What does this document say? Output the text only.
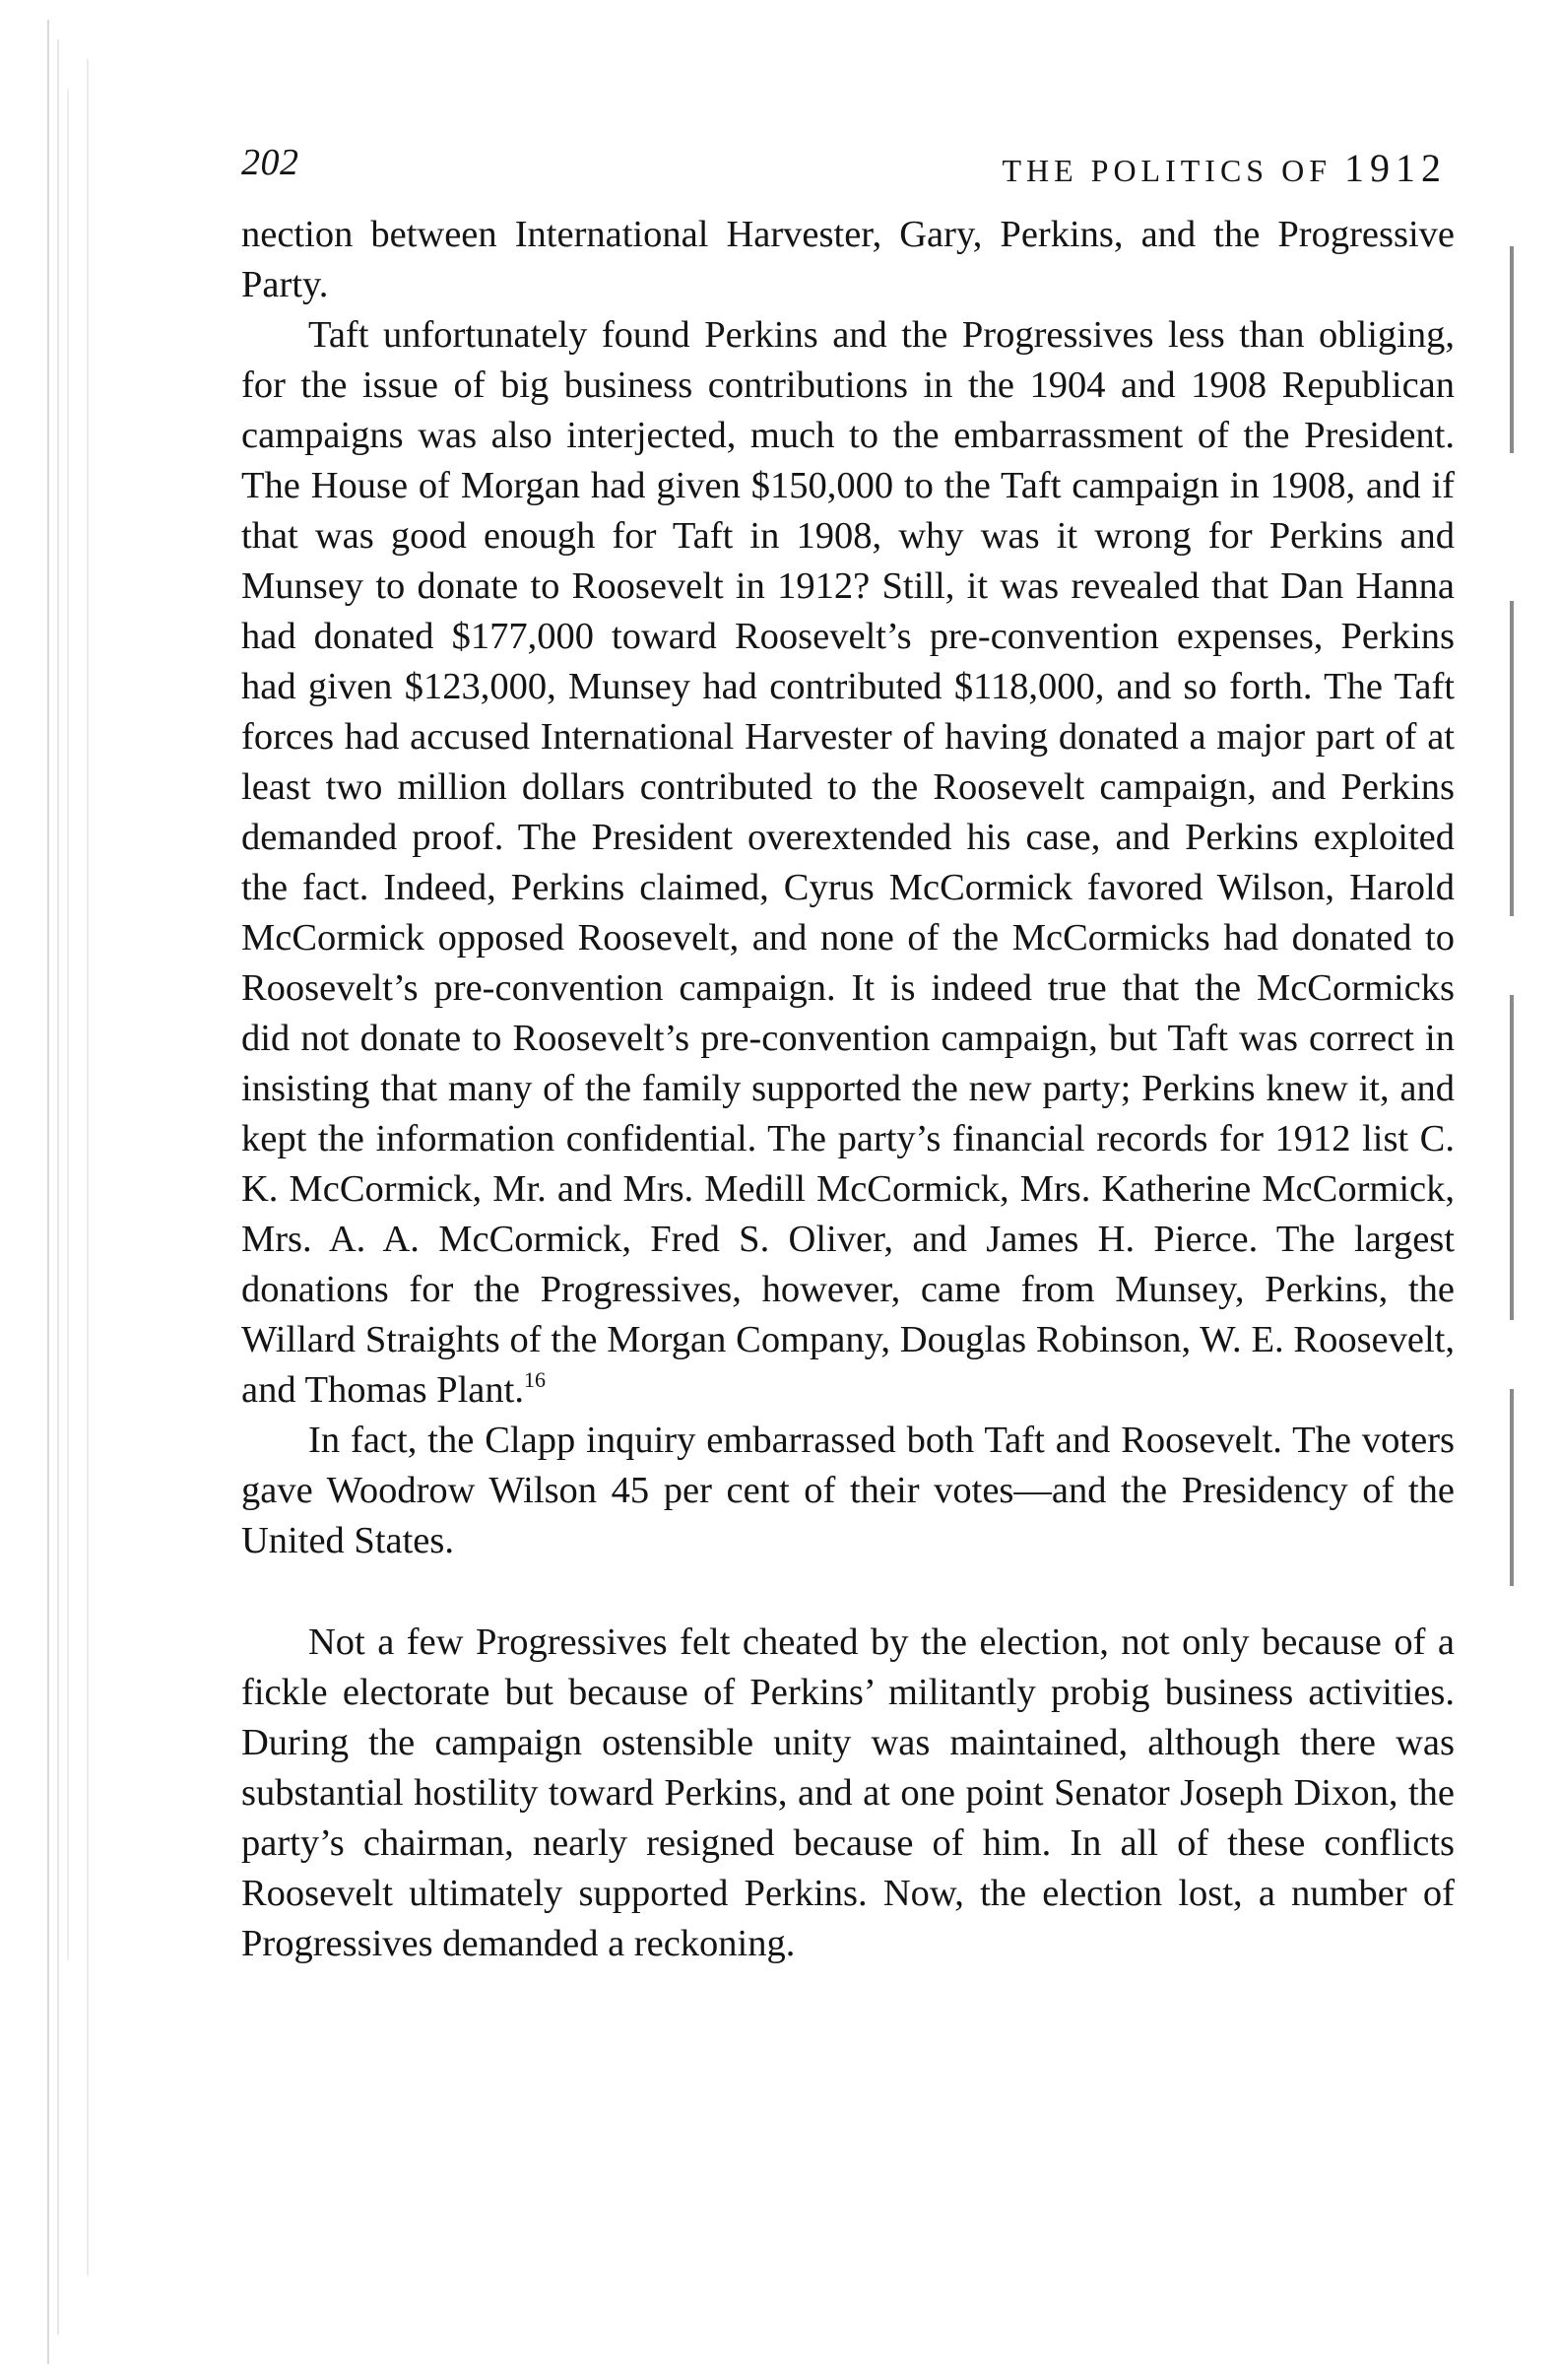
202	THE POLITICS OF 1912

nection between International Harvester, Gary, Perkins, and the Progressive Party.

Taft unfortunately found Perkins and the Progressives less than obliging, for the issue of big business contributions in the 1904 and 1908 Republican campaigns was also interjected, much to the embarrassment of the President. The House of Morgan had given $150,000 to the Taft campaign in 1908, and if that was good enough for Taft in 1908, why was it wrong for Perkins and Munsey to donate to Roosevelt in 1912? Still, it was revealed that Dan Hanna had donated $177,000 toward Roosevelt’s pre-convention expenses, Perkins had given $123,000, Munsey had contributed $118,000, and so forth. The Taft forces had accused International Harvester of having donated a major part of at least two million dollars contributed to the Roosevelt campaign, and Perkins demanded proof. The President overextended his case, and Perkins exploited the fact. Indeed, Perkins claimed, Cyrus McCormick favored Wilson, Harold McCormick opposed Roosevelt, and none of the McCormicks had donated to Roosevelt’s pre-convention campaign. It is indeed true that the McCormicks did not donate to Roosevelt’s pre-convention campaign, but Taft was correct in insisting that many of the family supported the new party; Perkins knew it, and kept the information confidential. The party’s financial records for 1912 list C. K. McCormick, Mr. and Mrs. Medill McCormick, Mrs. Katherine McCormick, Mrs. A. A. McCormick, Fred S. Oliver, and James H. Pierce. The largest donations for the Progressives, however, came from Munsey, Perkins, the Willard Straights of the Morgan Company, Douglas Robinson, W. E. Roosevelt, and Thomas Plant.$^{16}$

In fact, the Clapp inquiry embarrassed both Taft and Roosevelt. The voters gave Woodrow Wilson 45 per cent of their votes—and the Presidency of the United States.

Not a few Progressives felt cheated by the election, not only because of a fickle electorate but because of Perkins’ militantly probig business activities. During the campaign ostensible unity was maintained, although there was substantial hostility toward Perkins, and at one point Senator Joseph Dixon, the party’s chairman, nearly resigned because of him. In all of these conflicts Roosevelt ultimately supported Perkins. Now, the election lost, a number of Progressives demanded a reckoning.
